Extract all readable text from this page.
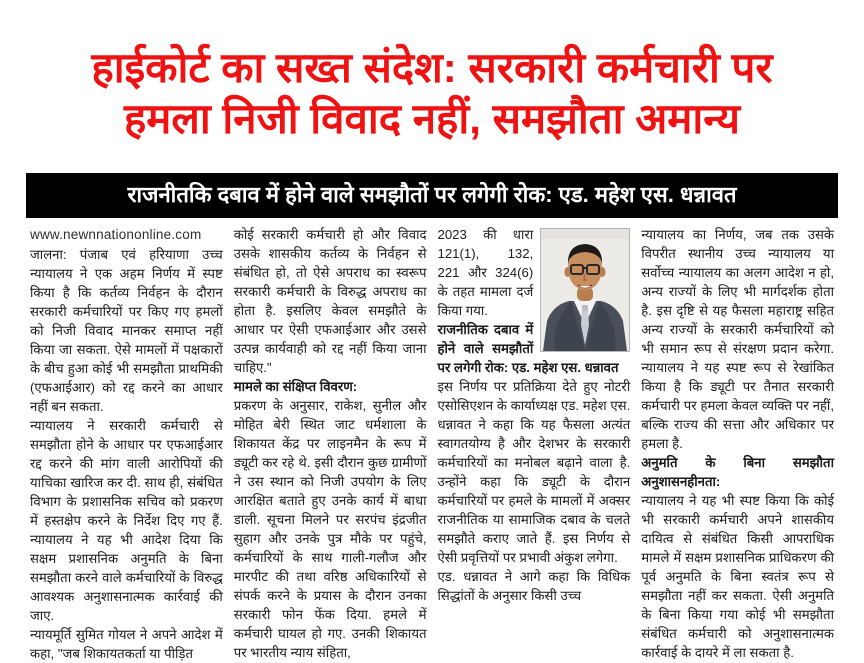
हाईकोर्ट का सख्त संदेश: सरकारी कर्मचारी पर
हमला निजी विवाद नहीं, समझौता अमान्य
राजनीतकि दबाव में होने वाले समझौतों पर लगेगी रोक: एड. महेश एस. धन्नावत
www.newnnationonline.com

जालना: पंजाब एवं हरियाणा उच्च न्यायालय ने एक अहम निर्णय में स्पष्ट किया है कि कर्तव्य निर्वहन के दौरान सरकारी कर्मचारियों पर किए गए हमलों को निजी विवाद मानकर समाप्त नहीं किया जा सकता. ऐसे मामलों में पक्षकारों के बीच हुआ कोई भी समझौता प्राथमिकी (एफआईआर) को रद्द करने का आधार नहीं बन सकता.

न्यायालय ने सरकारी कर्मचारी से समझौता होने के आधार पर एफआईआर रद्द करने की मांग वाली आरोपियों की याचिका खारिज कर दी. साथ ही, संबंधित विभाग के प्रशासनिक सचिव को प्रकरण में हस्तक्षेप करने के निर्देश दिए गए हैं. न्यायालय ने यह भी आदेश दिया कि सक्षम प्रशासनिक अनुमति के बिना समझौता करने वाले कर्मचारियों के विरुद्ध आवश्यक अनुशासनात्मक कार्रवाई की जाए.

न्यायमूर्ति सुमित गोयल ने अपने आदेश में कहा, "जब शिकायतकर्ता या पीड़ित

कोई सरकारी कर्मचारी हो और विवाद उसके शासकीय कर्तव्य के निर्वहन से संबंधित हो, तो ऐसे अपराध का स्वरूप सरकारी कर्मचारी के विरुद्ध अपराध का होता है. इसलिए केवल समझौते के आधार पर ऐसी एफआईआर और उससे उत्पन्न कार्यवाही को रद्द नहीं किया जाना चाहिए."

मामले का संक्षिप्त विवरण:

प्रकरण के अनुसार, राकेश, सुनील और मोहित बेरी स्थित जाट धर्मशाला के शिकायत केंद्र पर लाइनमैन के रूप में ड्यूटी कर रहे थे. इसी दौरान कुछ ग्रामीणों ने उस स्थान को निजी उपयोग के लिए आरक्षित बताते हुए उनके कार्य में बाधा डाली. सूचना मिलने पर सरपंच इंद्रजीत सुहाग और उनके पुत्र मौके पर पहुंचे, कर्मचारियों के साथ गाली-गलौज और मारपीट की तथा वरिष्ठ अधिकारियों से संपर्क करने के प्रयास के दौरान उनका सरकारी फोन फेंक दिया. हमले में कर्मचारी घायल हो गए. उनकी शिकायत पर भारतीय न्याय संहिता,

2023 की धारा 121(1), 132, 221 और 324(6) के तहत मामला दर्ज किया गया.

राजनीतिक दबाव में होने वाले समझौतों पर लगेगी रोक: एड. महेश एस. धन्नावत

इस निर्णय पर प्रतिक्रिया देते हुए नोटरी एसोसिएशन के कार्याध्यक्ष एड. महेश एस. धन्नावत ने कहा कि यह फैसला अत्यंत स्वागतयोग्य है और देशभर के सरकारी कर्मचारियों का मनोबल बढ़ाने वाला है. उन्होंने कहा कि ड्यूटी के दौरान कर्मचारियों पर हमले के मामलों में अक्सर राजनीतिक या सामाजिक दबाव के चलते समझौते कराए जाते हैं. इस निर्णय से ऐसी प्रवृत्तियों पर प्रभावी अंकुश लगेगा.

एड. धन्नावत ने आगे कहा कि विधिक सिद्धांतों के अनुसार किसी उच्च

न्यायालय का निर्णय, जब तक उसके विपरीत स्थानीय उच्च न्यायालय या सर्वोच्च न्यायालय का अलग आदेश न हो, अन्य राज्यों के लिए भी मार्गदर्शक होता है. इस दृष्टि से यह फैसला महाराष्ट्र सहित अन्य राज्यों के सरकारी कर्मचारियों को भी समान रूप से संरक्षण प्रदान करेगा. न्यायालय ने यह स्पष्ट रूप से रेखांकित किया है कि ड्यूटी पर तैनात सरकारी कर्मचारी पर हमला केवल व्यक्ति पर नहीं, बल्कि राज्य की सत्ता और अधिकार पर हमला है.

अनुमति के बिना समझौता अनुशासनहीनता:

न्यायालय ने यह भी स्पष्ट किया कि कोई भी सरकारी कर्मचारी अपने शासकीय दायित्व से संबंधित किसी आपराधिक मामले में सक्षम प्रशासनिक प्राधिकरण की पूर्व अनुमति के बिना स्वतंत्र रूप से समझौता नहीं कर सकता. ऐसी अनुमति के बिना किया गया कोई भी समझौता संबंधित कर्मचारी को अनुशासनात्मक कार्रवाई के दायरे में ला सकता है.
